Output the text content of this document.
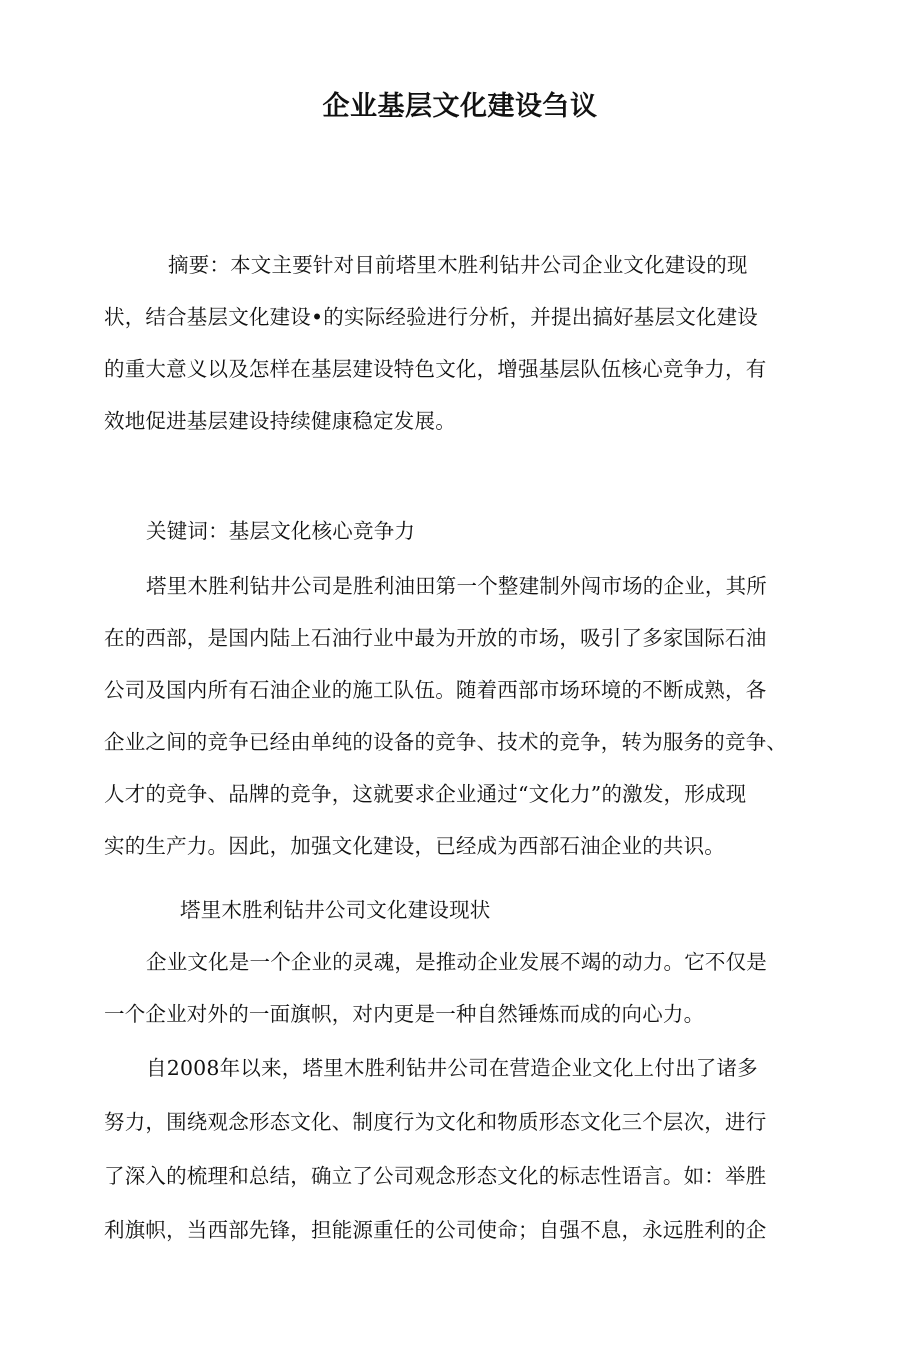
企业基层文化建设刍议
摘要：本文主要针对目前塔里木胜利钻井公司企业文化建设的现
状，结合基层文化建设•的实际经验进行分析，并提出搞好基层文化建设
的重大意义以及怎样在基层建设特色文化，增强基层队伍核心竞争力，有
效地促进基层建设持续健康稳定发展。
关键词：基层文化核心竞争力
塔里木胜利钻井公司是胜利油田第一个整建制外闯市场的企业，其所
在的西部，是国内陆上石油行业中最为开放的市场，吸引了多家国际石油
公司及国内所有石油企业的施工队伍。随着西部市场环境的不断成熟，各
企业之间的竞争已经由单纯的设备的竞争、技术的竞争，转为服务的竞争、
人才的竞争、品牌的竞争，这就要求企业通过“文化力”的激发，形成现
实的生产力。因此，加强文化建设，已经成为西部石油企业的共识。
塔里木胜利钻井公司文化建设现状
企业文化是一个企业的灵魂，是推动企业发展不竭的动力。它不仅是
一个企业对外的一面旗帜，对内更是一种自然锤炼而成的向心力。
自2008年以来，塔里木胜利钻井公司在营造企业文化上付出了诸多
努力，围绕观念形态文化、制度行为文化和物质形态文化三个层次，进行
了深入的梳理和总结，确立了公司观念形态文化的标志性语言。如：举胜
利旗帜，当西部先锋，担能源重任的公司使命；自强不息，永远胜利的企
